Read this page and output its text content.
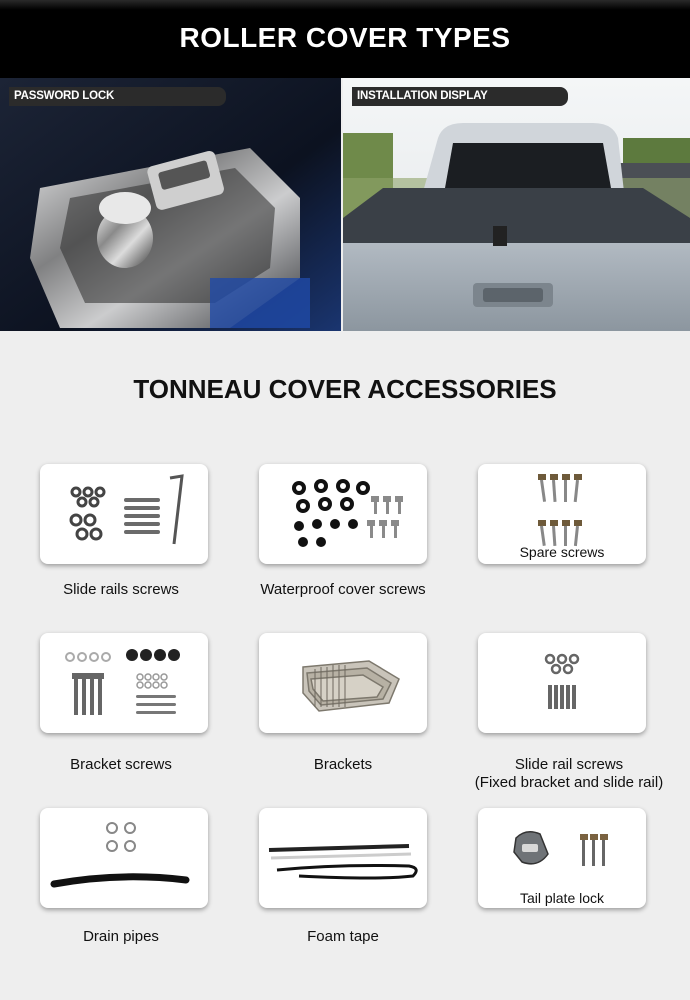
ROLLER COVER TYPES
PASSWORD LOCK	INSTALLATION DISPLAY
TONNEAU COVER ACCESSORIES
Slide rails screws	Waterproof cover screws
Spare screws
Bracket screws	Brackets	Slide rail screws
(Fixed bracket and slide rail)
Drain pipes	Foam tape
Tail plate lock
